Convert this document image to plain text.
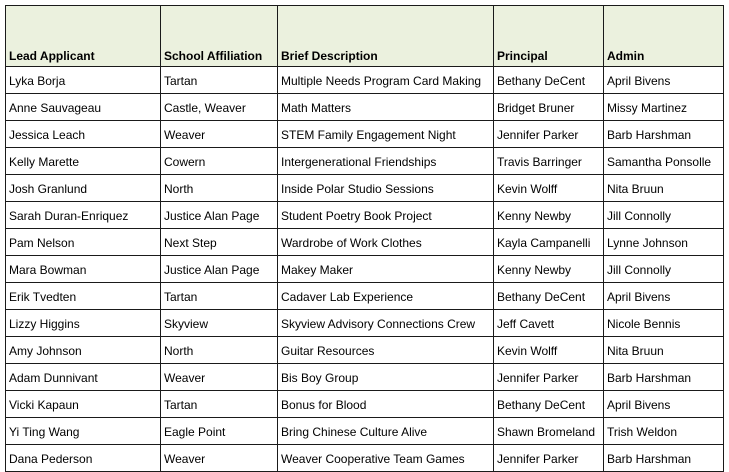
Lead Applicant	School Affiliation	Brief Description	Principal	Admin
Lyka Borja	Tartan	Multiple Needs Program Card Making	Bethany DeCent	April Bivens
Anne Sauvageau	Castle, Weaver	Math Matters	Bridget Bruner	Missy Martinez
Jessica Leach	Weaver	STEM Family Engagement Night	Jennifer Parker	Barb Harshman
Kelly Marette	Cowern	Intergenerational Friendships	Travis Barringer	Samantha Ponsolle
Josh Granlund	North	Inside Polar Studio Sessions	Kevin Wolff	Nita Bruun
Sarah Duran-Enriquez	Justice Alan Page	Student Poetry Book Project	Kenny Newby	Jill Connolly
Pam Nelson	Next Step	Wardrobe of Work Clothes	Kayla Campanelli	Lynne Johnson
Mara Bowman	Justice Alan Page	Makey Maker	Kenny Newby	Jill Connolly
Erik Tvedten	Tartan	Cadaver Lab Experience	Bethany DeCent	April Bivens
Lizzy Higgins	Skyview	Skyview Advisory Connections Crew	Jeff Cavett	Nicole Bennis
Amy Johnson	North	Guitar Resources	Kevin Wolff	Nita Bruun
Adam Dunnivant	Weaver	Bis Boy Group	Jennifer Parker	Barb Harshman
Vicki Kapaun	Tartan	Bonus for Blood	Bethany DeCent	April Bivens
Yi Ting Wang	Eagle Point	Bring Chinese Culture Alive	Shawn Bromeland	Trish Weldon
Dana Pederson	Weaver	Weaver Cooperative Team Games	Jennifer Parker	Barb Harshman
